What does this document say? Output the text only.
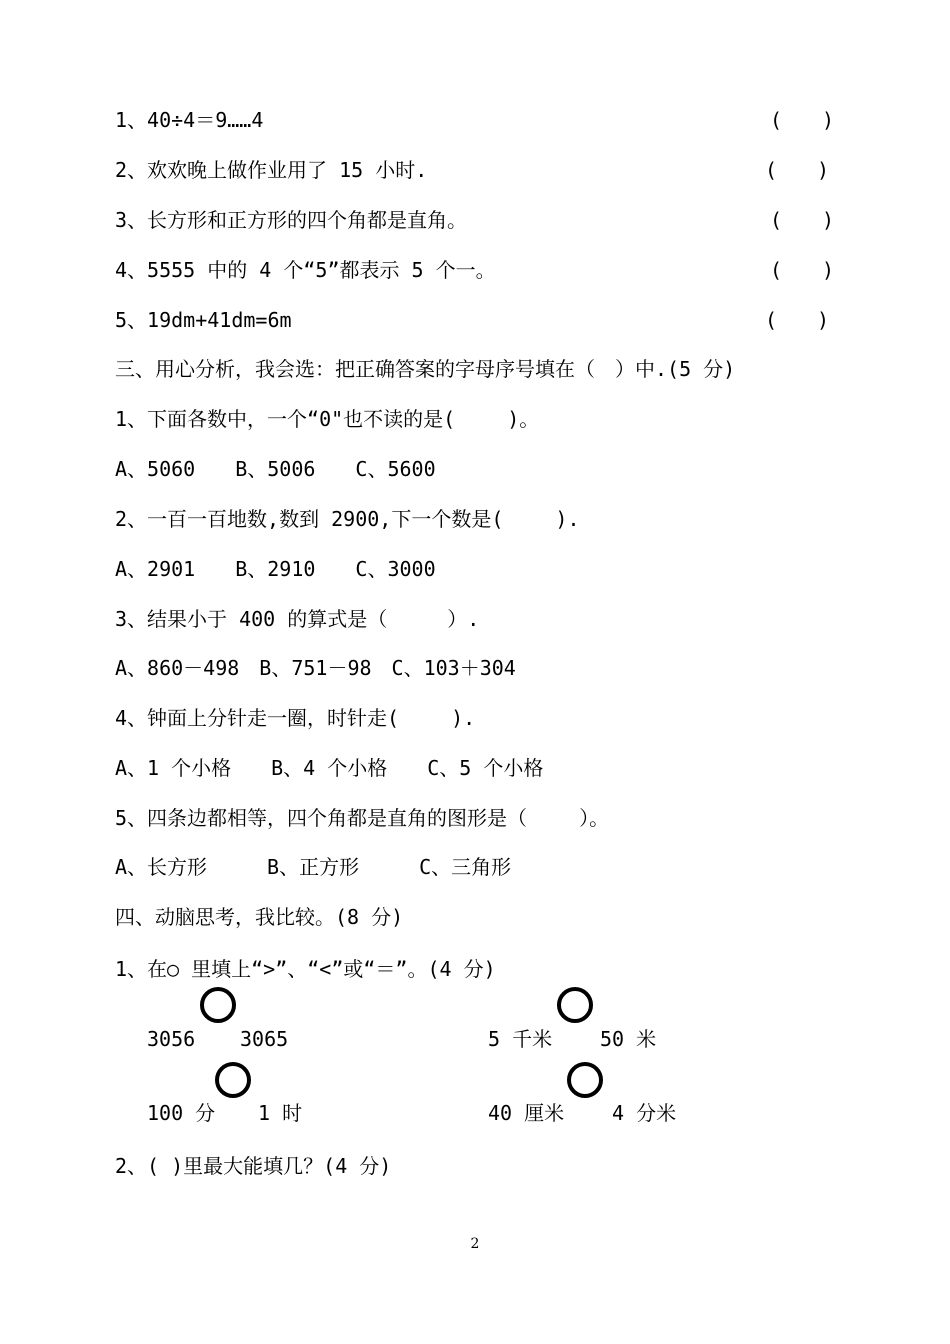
1、40÷4＝9……4	(　　)
2、欢欢晚上做作业用了 15 小时.	(　　)
3、长方形和正方形的四个角都是直角。	(　　)
4、5555 中的 4 个“5”都表示 5 个一。	(　　)
5、19dm+41dm=6m	(　　)
三、用心分析，我会选：把正确答案的字母序号填在（　）中.(5 分)
1、下面各数中，一个“0"也不读的是(　　 )。
A、5060　　B、5006　　C、5600
2、一百一百地数,数到 2900,下一个数是(　　 ).
A、2901　　B、2910　　C、3000
3、结果小于 400 的算式是（　　　）.
A、860－498　B、751－98　C、103＋304
4、钟面上分针走一圈，时针走(　　 ).
A、1 个小格　　B、4 个小格　　C、5 个小格
5、四条边都相等，四个角都是直角的图形是（　　 ）。
A、长方形　　　B、正方形　　　C、三角形
四、动脑思考，我比较。(8 分)
1、在○ 里填上“>”、“<”或“＝”。(4 分)
3056 3065	5 千米 50 米
100 分 1 时	40 厘米 4 分米
2、( )里最大能填几？(4 分)
2
